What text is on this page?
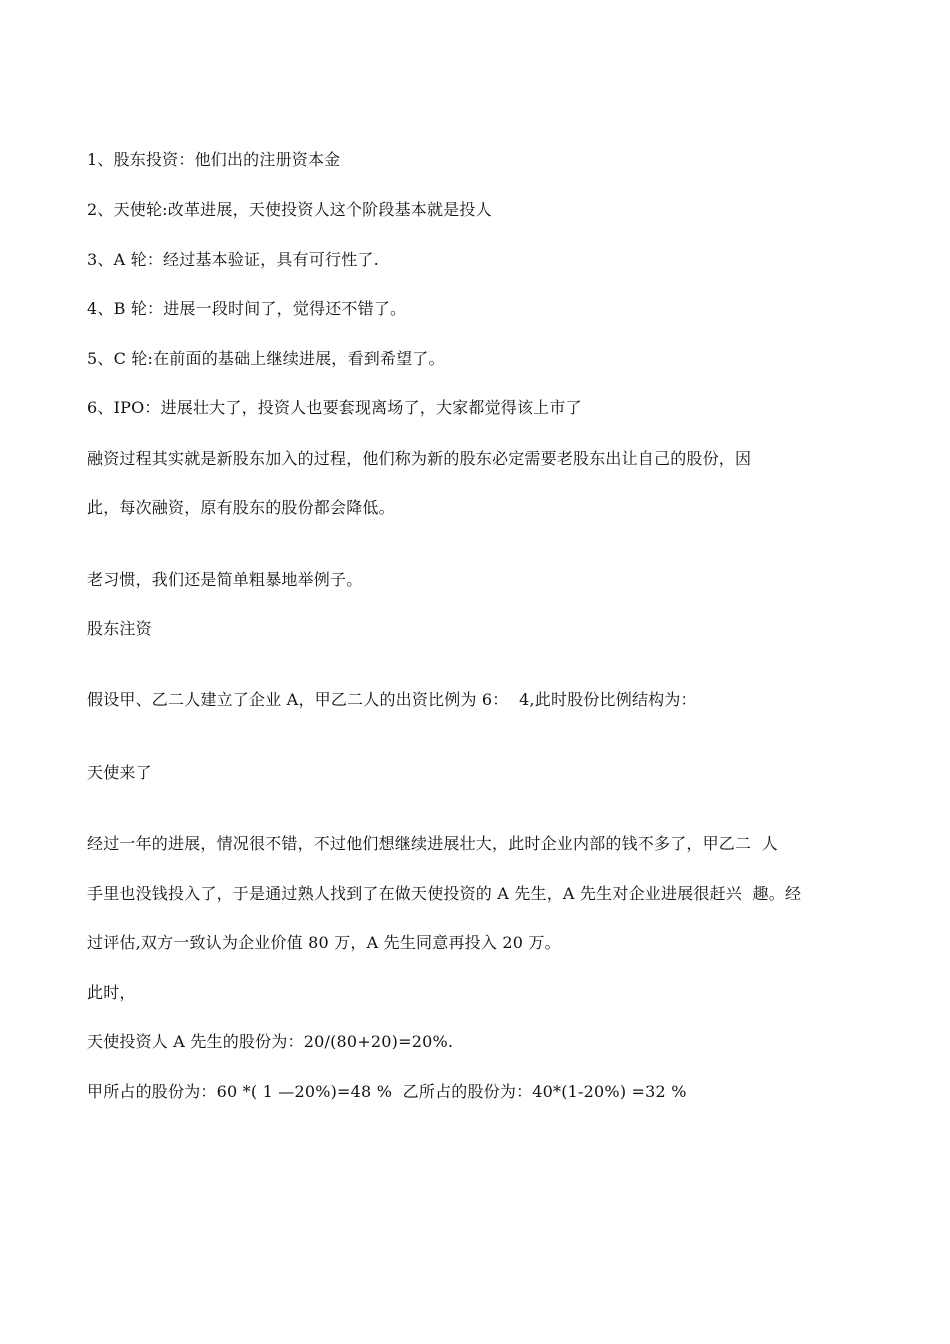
1、股东投资：他们出的注册资本金
2、天使轮:改革进展，天使投资人这个阶段基本就是投人
3、A 轮：经过基本验证，具有可行性了.
4、B 轮：进展一段时间了，觉得还不错了。
5、C 轮:在前面的基础上继续进展，看到希望了。
6、IPO：进展壮大了，投资人也要套现离场了，大家都觉得该上市了
融资过程其实就是新股东加入的过程，他们称为新的股东必定需要老股东出让自己的股份，因
此，每次融资，原有股东的股份都会降低。
老习惯，我们还是简单粗暴地举例子。
股东注资
假设甲、乙二人建立了企业 A，甲乙二人的出资比例为 6：  4,此时股份比例结构为：
天使来了
经过一年的进展，情况很不错，不过他们想继续进展壮大，此时企业内部的钱不多了，甲乙二  人
手里也没钱投入了，于是通过熟人找到了在做天使投资的 A 先生，A 先生对企业进展很赶兴  趣。经
过评估,双方一致认为企业价值 80 万，A 先生同意再投入 20 万。
此时，
天使投资人 A 先生的股份为：20/(80+20)=20%.
甲所占的股份为：60 *( 1 —20%)=48 %  乙所占的股份为：40*(1-20%) =32 %
